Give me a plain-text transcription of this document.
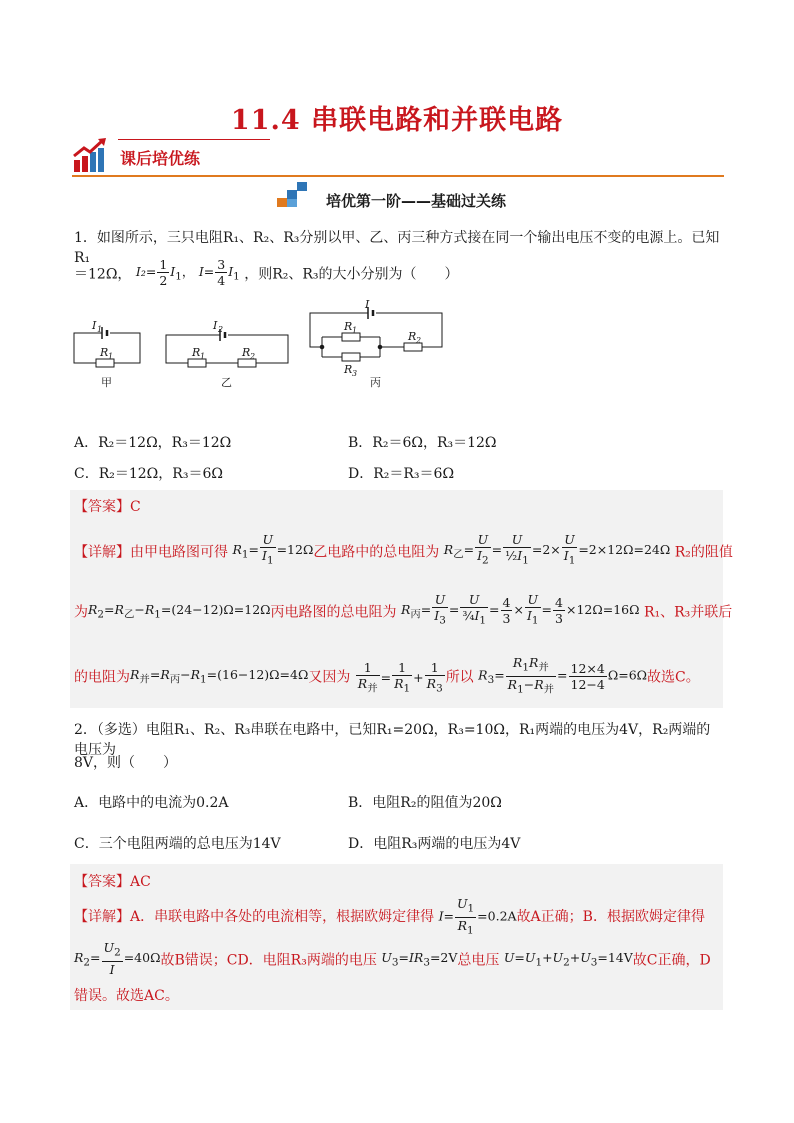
11.4 串联电路和并联电路
课后培优练
培优第一阶——基础过关练
1．如图所示，三只电阻R₁、R₂、R₃分别以甲、乙、丙三种方式接在同一个输出电压不变的电源上。已知R₁
＝12Ω， $I_2= \frac{1}{2} I_1$， $I= \frac{3}{4} I_1$ ，则R₂、R₃的大小分别为（　　）
I 1
R 1
I 2
R 1	R 2
I
R 1
R 3
R 2
甲	乙	丙
A．R₂＝12Ω，R₃＝12Ω	B．R₂＝6Ω，R₃＝12Ω
C．R₂＝12Ω，R₃＝6Ω	D．R₂＝R₃＝6Ω
【答案】C
【详解】由甲电路图可得 $R_1= \frac{U}{I_1} =12\Omega$乙电路中的总电阻为 $R_乙= \frac{U}{I_2} = \frac{U}{\frac{1}{2}I_1} =2\times \frac{U}{I_1} =2\times 12\Omega=24\Omega$ R₂的阻值
为$R_2=R_乙-R_1=(24-12)\Omega=12\Omega$丙电路图的总电阻为 $R_丙= \frac{U}{I_3} = \frac{U}{\frac{3}{4}I_1} = \frac{4}{3} \times \frac{U}{I_1} = \frac{4}{3} \times 12\Omega=16\Omega$ R₁、R₃并联后
的电阻为$R_并=R_丙-R_1=(16-12)\Omega=4\Omega$又因为 $\frac{1}{R_并} = \frac{1}{R_1} + \frac{1}{R_3}$ 所以 $R_3= \frac{R_1R_并}{R_1-R_并} = \frac{12\times 4}{12-4} \Omega=6\Omega$故选C。
2．（多选）电阻R₁、R₂、R₃串联在电路中，已知R₁=20Ω，R₃=10Ω，R₁两端的电压为4V，R₂两端的电压为
8V，则（　　）
A．电路中的电流为0.2A	B．电阻R₂的阻值为20Ω
C．三个电阻两端的总电压为14V	D．电阻R₃两端的电压为4V
【答案】AC
【详解】A．串联电路中各处的电流相等，根据欧姆定律得 $I= \frac{U_1}{R_1} =0.2A$故A正确；B．根据欧姆定律得
$R_2= \frac{U_2}{I} =40\Omega$故B错误；CD．电阻R₃两端的电压 $U_3=IR_3=2V$总电压 $U=U_1+U_2+U_3=14V$故C正确，D
错误。故选AC。
